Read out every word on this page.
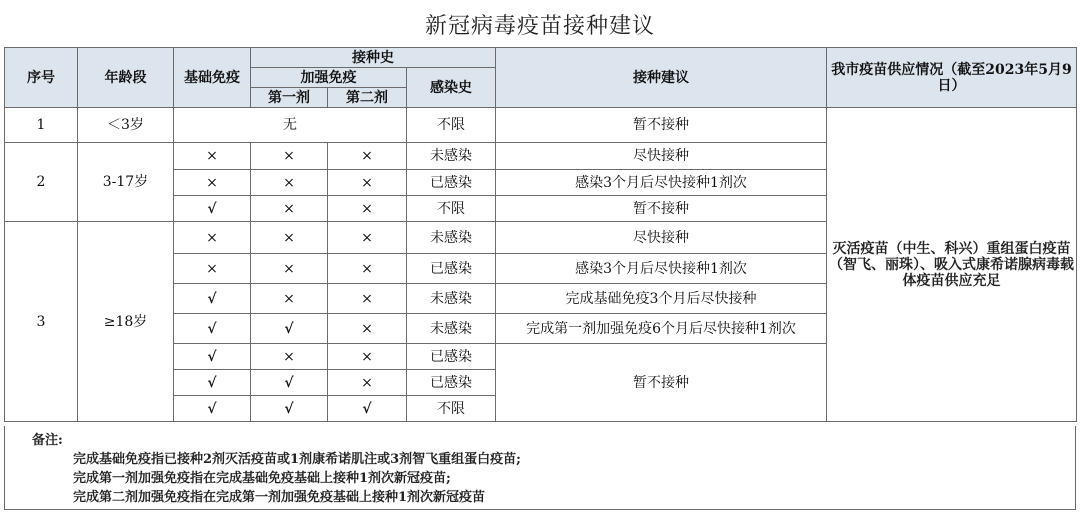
新冠病毒疫苗接种建议
序号	年龄段	基础免疫	接种史			接种建议	我市疫苗供应情况（截至2023年5月9日）
			加强免疫		感染史		
			第一剂	第二剂			
1	＜3岁	无			不限	暂不接种	灭活疫苗（中生、科兴）重组蛋白疫苗（智飞、丽珠）、吸入式康希诺腺病毒载体疫苗供应充足
2	3-17岁	×	×	×	未感染	尽快接种	
		×	×	×	已感染	感染3个月后尽快接种1剂次	
		√	×	×	不限	暂不接种	
3	≥18岁	×	×	×	未感染	尽快接种	
		×	×	×	已感染	感染3个月后尽快接种1剂次	
		√	×	×	未感染	完成基础免疫3个月后尽快接种	
		√	√	×	未感染	完成第一剂加强免疫6个月后尽快接种1剂次	
		√	×	×	已感染	暂不接种	
		√	√	×	已感染		
		√	√	√	不限		
备注:
完成基础免疫指已接种2剂灭活疫苗或1剂康希诺肌注或3剂智飞重组蛋白疫苗;
完成第一剂加强免疫指在完成基础免疫基础上接种1剂次新冠疫苗;
完成第二剂加强免疫指在完成第一剂加强免疫基础上接种1剂次新冠疫苗
